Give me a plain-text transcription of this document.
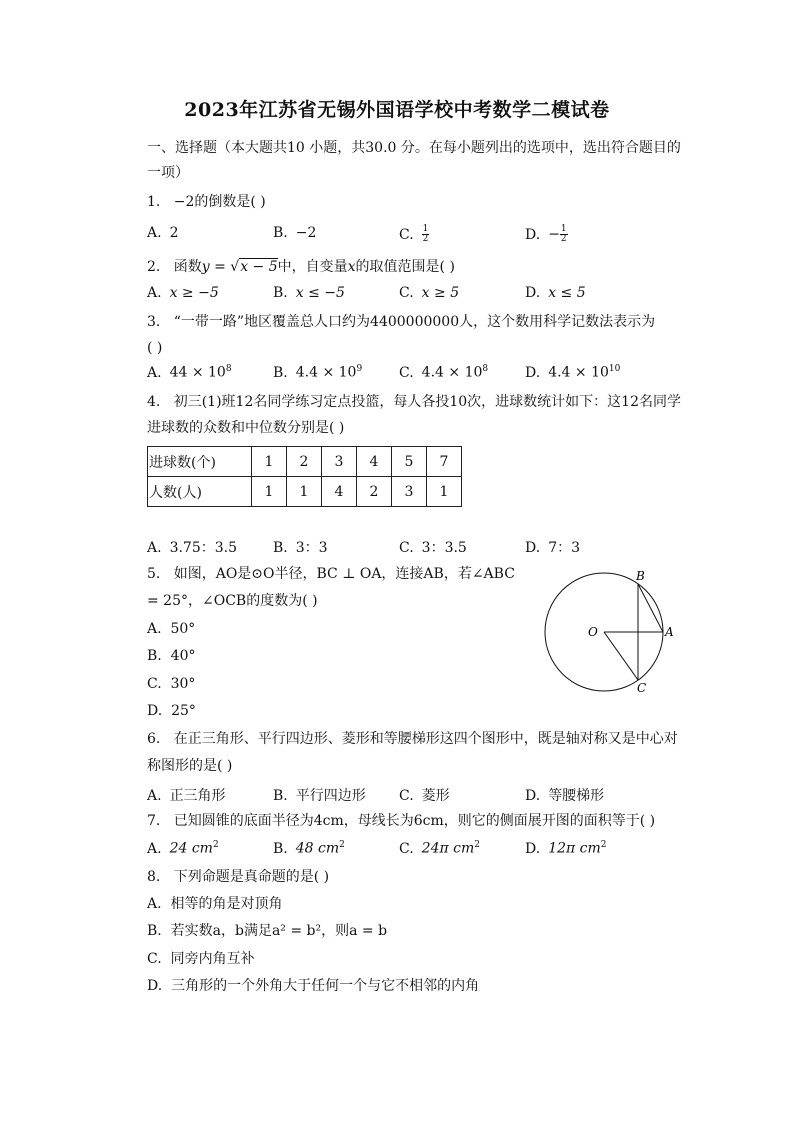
2023年江苏省无锡外国语学校中考数学二模试卷
一、选择题（本大题共10 小题，共30.0 分。在每小题列出的选项中，选出符合题目的
一项）
1. −2的倒数是( )
A. 2	B. −2	C. $\frac{1}{2}$	D. − $\frac{1}{2}$
2. 函数y = √x − 5中，自变量x的取值范围是( )
A. x ≥ −5	B. x ≤ −5	C. x ≥ 5	D. x ≤ 5
3. “一带一路”地区覆盖总人口约为4400000000人，这个数用科学记数法表示为
( )
A. $44 \times 10^8$	B. $4.4 \times 10^9$	C. $4.4 \times 10^8$	D. $4.4 \times 10^{10}$
4. 初三(1)班12名同学练习定点投篮，每人各投10次，进球数统计如下：这12名同学
进球数的众数和中位数分别是( )
进球数(个)	1	2	3	4	5	7
人数(人)	1	1	4	2	3	1
A. 3.75：3.5	B. 3：3	C. 3：3.5	D. 7：3
5. 如图，AO是⊙O半径，BC ⊥ OA，连接AB，若∠ABC
= 25°，∠OCB的度数为( )
A. 50°
B. 40°
C. 30°
D. 25°
O	A
B
C
6. 在正三角形、平行四边形、菱形和等腰梯形这四个图形中，既是轴对称又是中心对
称图形的是( )
A. 正三角形	B. 平行四边形 C. 菱形	D. 等腰梯形
7. 已知圆锥的底面半径为4cm，母线长为6cm，则它的侧面展开图的面积等于( )
A. 24 $cm^2$	B. 48 $cm^2$	C. 24π $cm^2$	D. 12π $cm^2$
8. 下列命题是真命题的是( )
A. 相等的角是对顶角
B. 若实数a，b满足a² = b²，则a = b
C. 同旁内角互补
D. 三角形的一个外角大于任何一个与它不相邻的内角
